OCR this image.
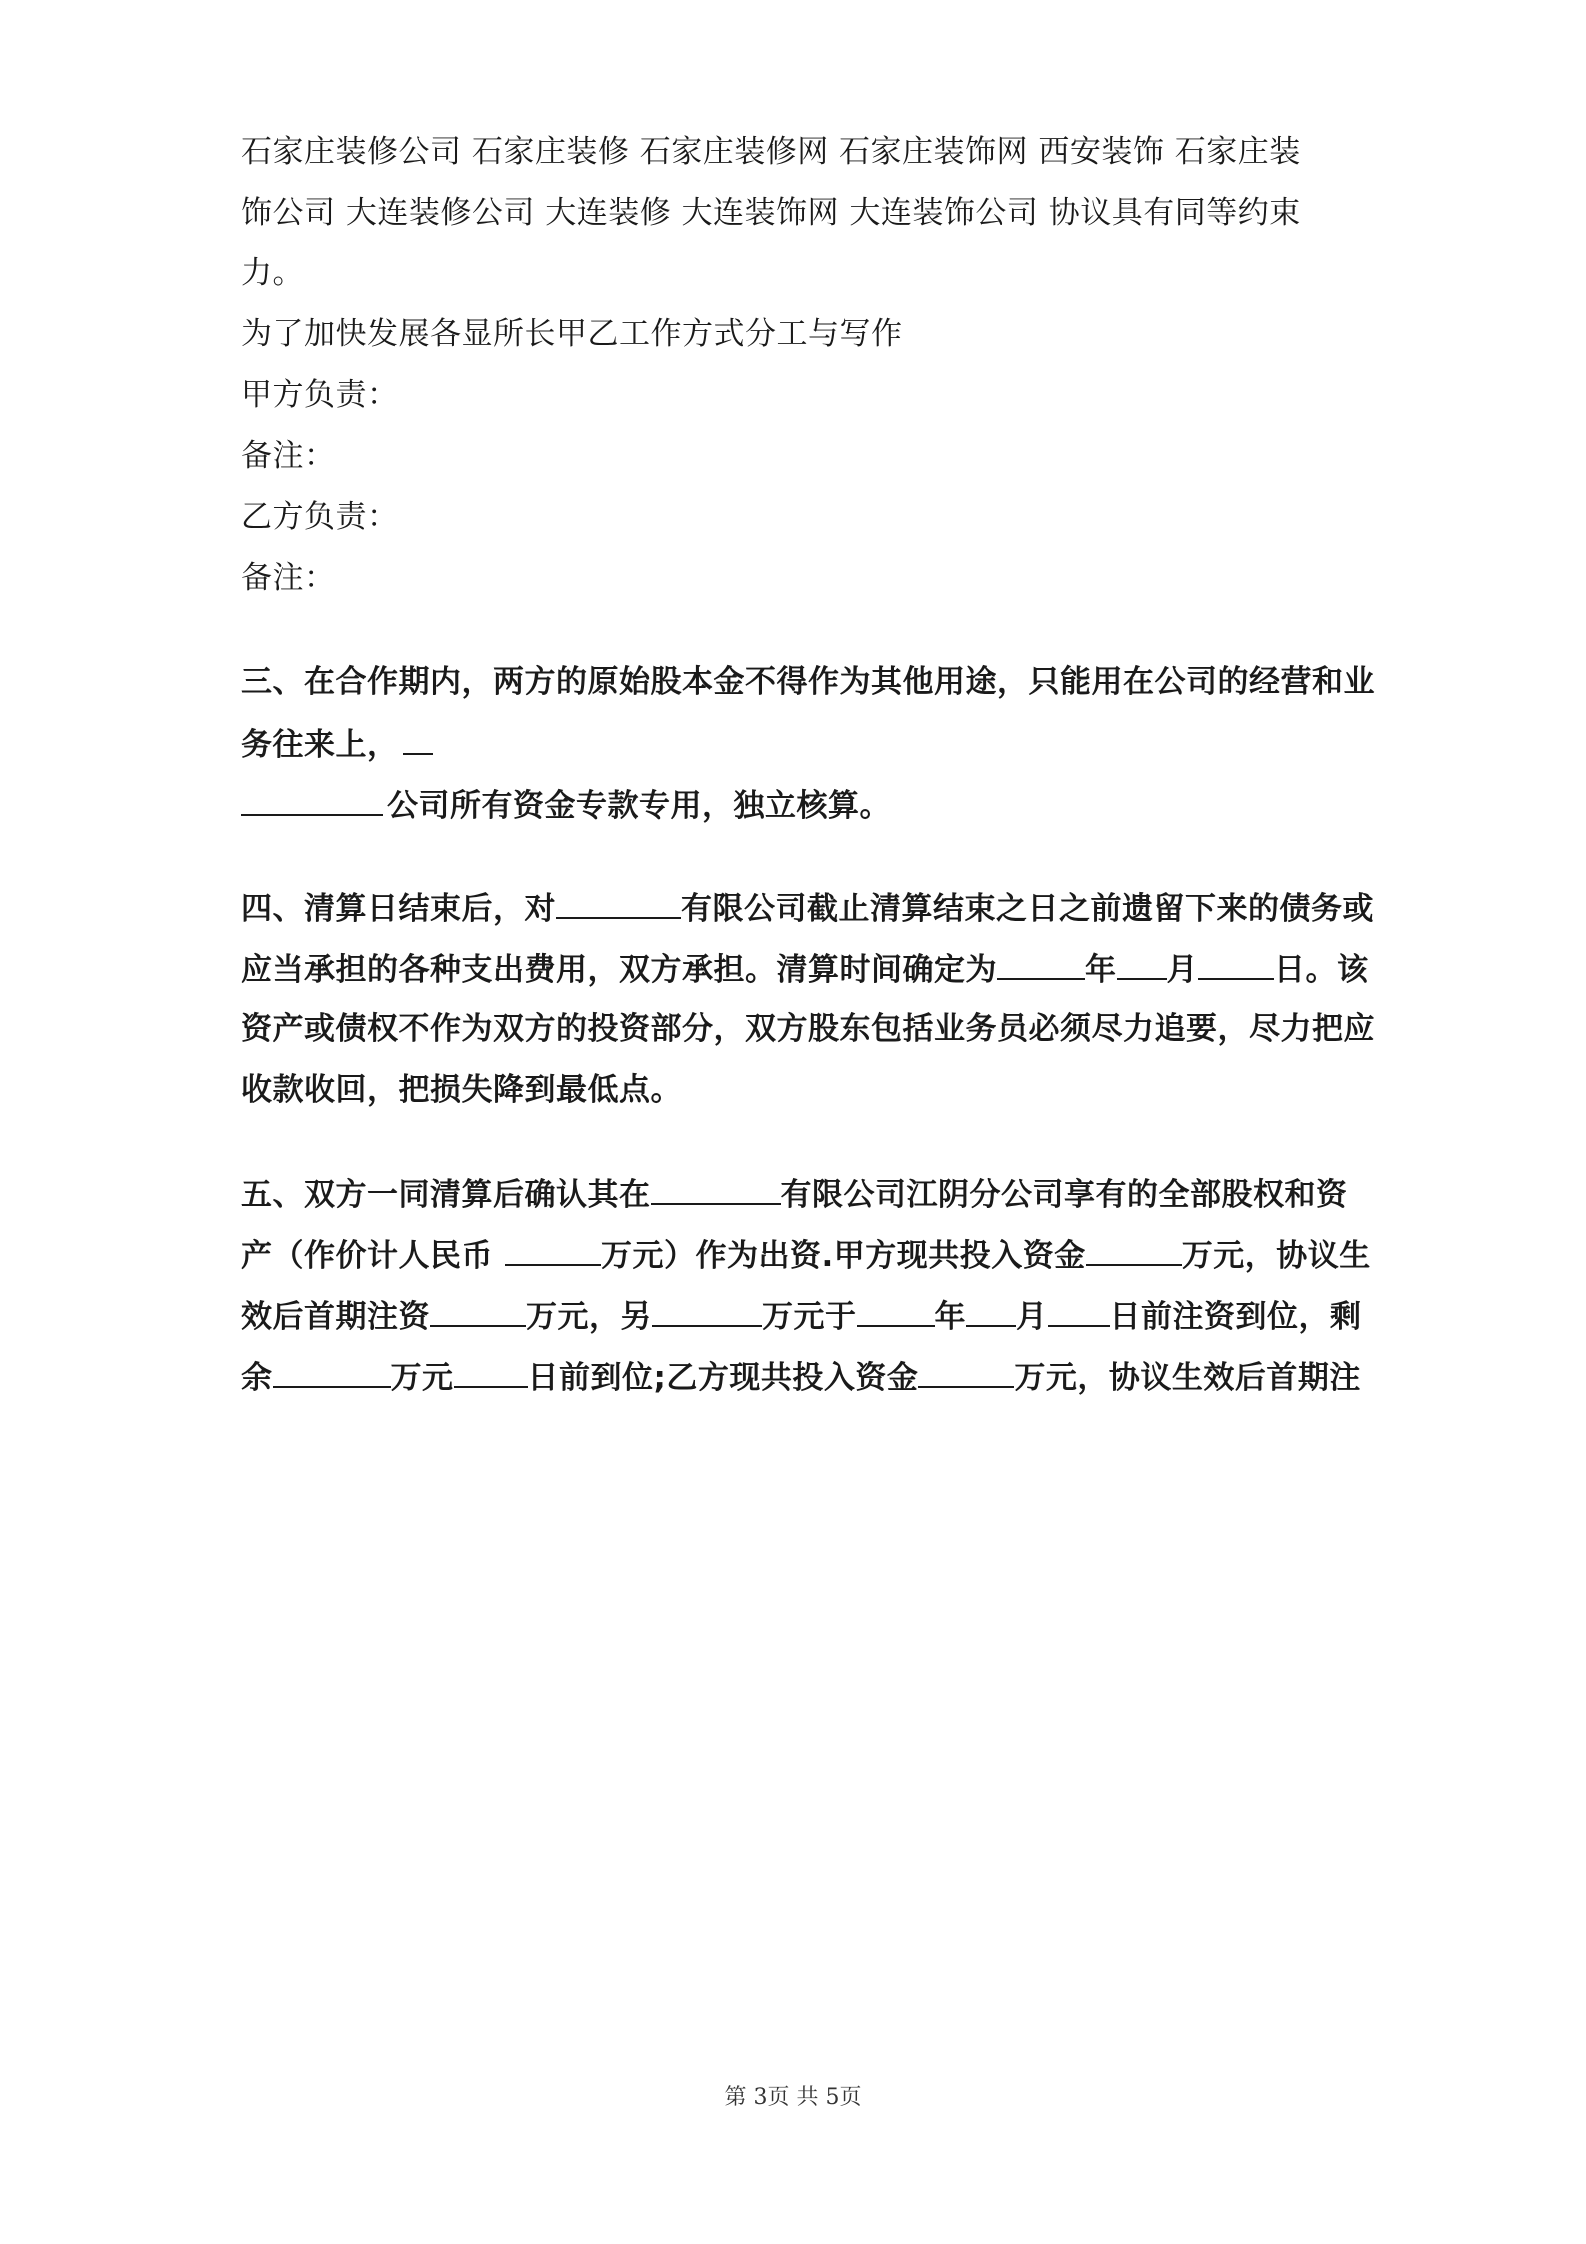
石家庄装修公司 石家庄装修 石家庄装修网 石家庄装饰网 西安装饰 石家庄装
饰公司 大连装修公司 大连装修 大连装饰网 大连装饰公司 协议具有同等约束
力。
为了加快发展各显所长甲乙工作方式分工与写作
甲方负责：
备注：
乙方负责：
备注：
三、在合作期内，两方的原始股本金不得作为其他用途，只能用在公司的经营和业
务往来上，
公司所有资金专款专用，独立核算。
四、清算日结束后，对	有限公司截止清算结束之日之前遗留下来的债务或
应当承担的各种支出费用，双方承担。清算时间确定为	年 月 日。该
资产或债权不作为双方的投资部分，双方股东包括业务员必须尽力追要，尽力把应
收款收回，把损失降到最低点。
五、双方一同清算后确认其在	有限公司江阴分公司享有的全部股权和资
产（作价计人民币	万元）作为出资.甲方现共投入资金	万元，协议生
效后首期注资	万元，另	万元于	年 月 日前注资到位，剩
余	万元 日前到位;乙方现共投入资金	万元，协议生效后首期注
第 3页 共 5页
